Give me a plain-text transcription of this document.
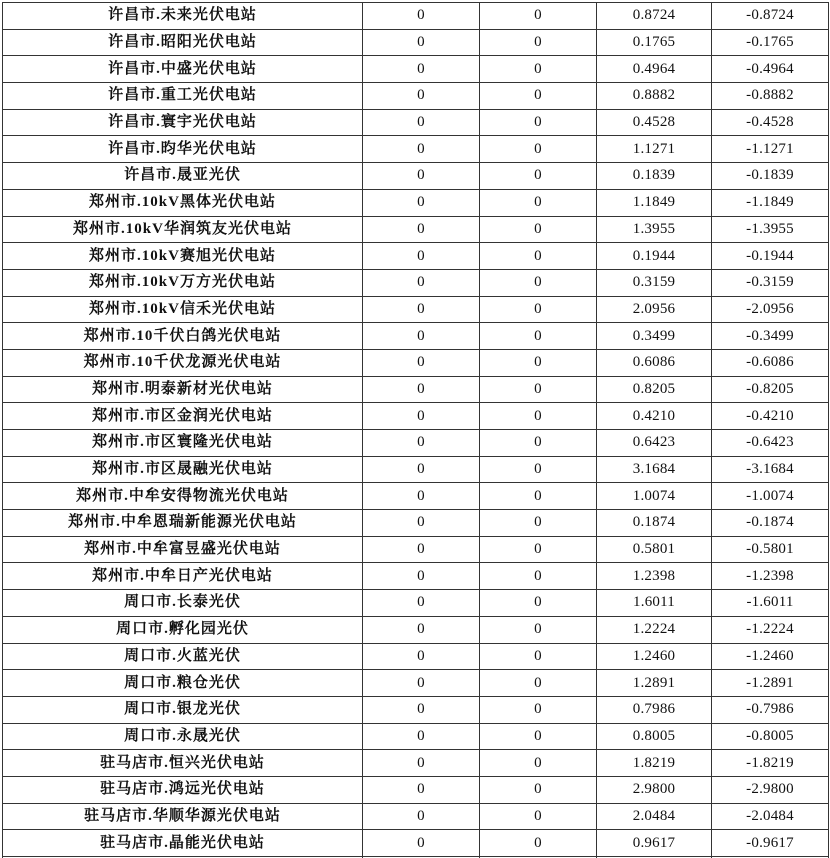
许昌市.未来光伏电站	0	0	0.8724	-0.8724
许昌市.昭阳光伏电站	0	0	0.1765	-0.1765
许昌市.中盛光伏电站	0	0	0.4964	-0.4964
许昌市.重工光伏电站	0	0	0.8882	-0.8882
许昌市.寰宇光伏电站	0	0	0.4528	-0.4528
许昌市.昀华光伏电站	0	0	1.1271	-1.1271
许昌市.晟亚光伏	0	0	0.1839	-0.1839
郑州市.10kV黑体光伏电站	0	0	1.1849	-1.1849
郑州市.10kV华润筑友光伏电站	0	0	1.3955	-1.3955
郑州市.10kV赛旭光伏电站	0	0	0.1944	-0.1944
郑州市.10kV万方光伏电站	0	0	0.3159	-0.3159
郑州市.10kV信禾光伏电站	0	0	2.0956	-2.0956
郑州市.10千伏白鸽光伏电站	0	0	0.3499	-0.3499
郑州市.10千伏龙源光伏电站	0	0	0.6086	-0.6086
郑州市.明泰新材光伏电站	0	0	0.8205	-0.8205
郑州市.市区金润光伏电站	0	0	0.4210	-0.4210
郑州市.市区寰隆光伏电站	0	0	0.6423	-0.6423
郑州市.市区晟融光伏电站	0	0	3.1684	-3.1684
郑州市.中牟安得物流光伏电站	0	0	1.0074	-1.0074
郑州市.中牟恩瑞新能源光伏电站	0	0	0.1874	-0.1874
郑州市.中牟富昱盛光伏电站	0	0	0.5801	-0.5801
郑州市.中牟日产光伏电站	0	0	1.2398	-1.2398
周口市.长泰光伏	0	0	1.6011	-1.6011
周口市.孵化园光伏	0	0	1.2224	-1.2224
周口市.火蓝光伏	0	0	1.2460	-1.2460
周口市.粮仓光伏	0	0	1.2891	-1.2891
周口市.银龙光伏	0	0	0.7986	-0.7986
周口市.永晟光伏	0	0	0.8005	-0.8005
驻马店市.恒兴光伏电站	0	0	1.8219	-1.8219
驻马店市.鸿远光伏电站	0	0	2.9800	-2.9800
驻马店市.华顺华源光伏电站	0	0	2.0484	-2.0484
驻马店市.晶能光伏电站	0	0	0.9617	-0.9617
